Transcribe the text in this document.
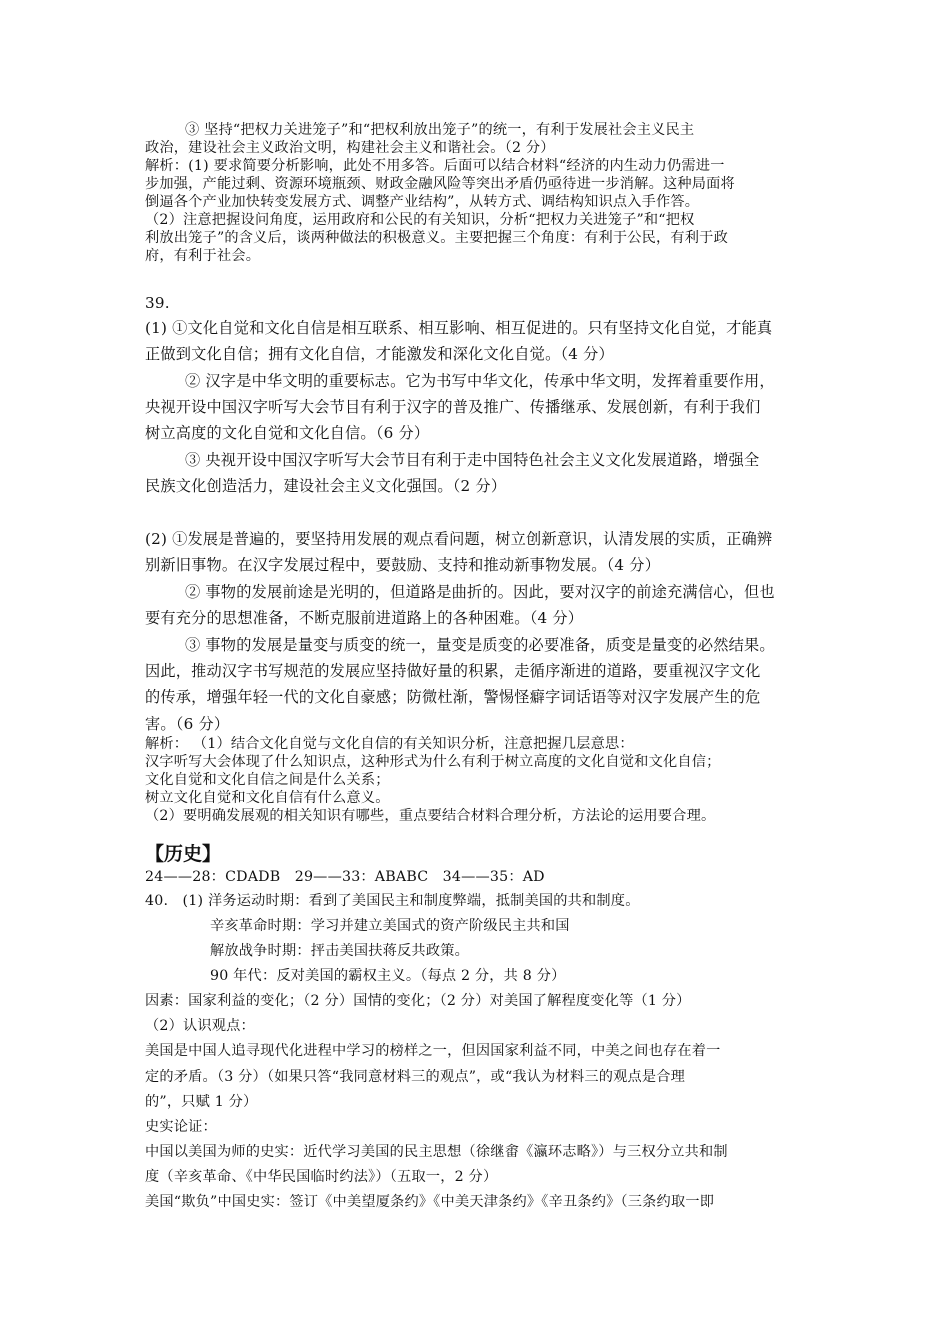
③ 坚持“把权力关进笼子”和“把权利放出笼子”的统一，有利于发展社会主义民主
政治，建设社会主义政治文明，构建社会主义和谐社会。（2 分）
解析：(1) 要求简要分析影响，此处不用多答。后面可以结合材料“经济的内生动力仍需进一
步加强，产能过剩、资源环境瓶颈、财政金融风险等突出矛盾仍亟待进一步消解。这种局面将
倒逼各个产业加快转变发展方式、调整产业结构”，从转方式、调结构知识点入手作答。
（2）注意把握设问角度，运用政府和公民的有关知识，分析“把权力关进笼子”和“把权
利放出笼子”的含义后，谈两种做法的积极意义。主要把握三个角度：有利于公民，有利于政
府，有利于社会。
39.
(1) ①文化自觉和文化自信是相互联系、相互影响、相互促进的。只有坚持文化自觉，才能真
正做到文化自信；拥有文化自信，才能激发和深化文化自觉。（4 分）
② 汉字是中华文明的重要标志。它为书写中华文化，传承中华文明，发挥着重要作用，
央视开设中国汉字听写大会节目有利于汉字的普及推广、传播继承、发展创新，有利于我们
树立高度的文化自觉和文化自信。（6 分）
③ 央视开设中国汉字听写大会节目有利于走中国特色社会主义文化发展道路，增强全
民族文化创造活力，建设社会主义文化强国。（2 分）
(2) ①发展是普遍的，要坚持用发展的观点看问题，树立创新意识，认清发展的实质，正确辨
别新旧事物。在汉字发展过程中，要鼓励、支持和推动新事物发展。（4 分）
② 事物的发展前途是光明的，但道路是曲折的。因此，要对汉字的前途充满信心，但也
要有充分的思想准备，不断克服前进道路上的各种困难。（4 分）
③ 事物的发展是量变与质变的统一，量变是质变的必要准备，质变是量变的必然结果。
因此，推动汉字书写规范的发展应坚持做好量的积累，走循序渐进的道路，要重视汉字文化
的传承，增强年轻一代的文化自豪感；防微杜渐，警惕怪癖字词话语等对汉字发展产生的危
害。（6 分）
解析： （1）结合文化自觉与文化自信的有关知识分析，注意把握几层意思：
汉字听写大会体现了什么知识点，这种形式为什么有利于树立高度的文化自觉和文化自信；
文化自觉和文化自信之间是什么关系；
树立文化自觉和文化自信有什么意义。
（2）要明确发展观的相关知识有哪些，重点要结合材料合理分析，方法论的运用要合理。
【历史】
24——28：CDADB　29——33：ABABC　34——35：AD
40.　(1) 洋务运动时期：看到了美国民主和制度弊端，抵制美国的共和制度。
辛亥革命时期：学习并建立美国式的资产阶级民主共和国
解放战争时期：抨击美国扶蒋反共政策。
90 年代：反对美国的霸权主义。（每点 2 分，共 8 分）
因素：国家利益的变化；（2 分）国情的变化；（2 分）对美国了解程度变化等（1 分）
（2）认识观点：
美国是中国人追寻现代化进程中学习的榜样之一，但因国家利益不同，中美之间也存在着一
定的矛盾。（3 分）（如果只答“我同意材料三的观点”，或“我认为材料三的观点是合理
的”，只赋 1 分）
史实论证：
中国以美国为师的史实：近代学习美国的民主思想（徐继畬《瀛环志略》）与三权分立共和制
度（辛亥革命、《中华民国临时约法》）（五取一，2 分）
美国“欺负”中国史实：签订《中美望厦条约》《中美天津条约》《辛丑条约》（三条约取一即
